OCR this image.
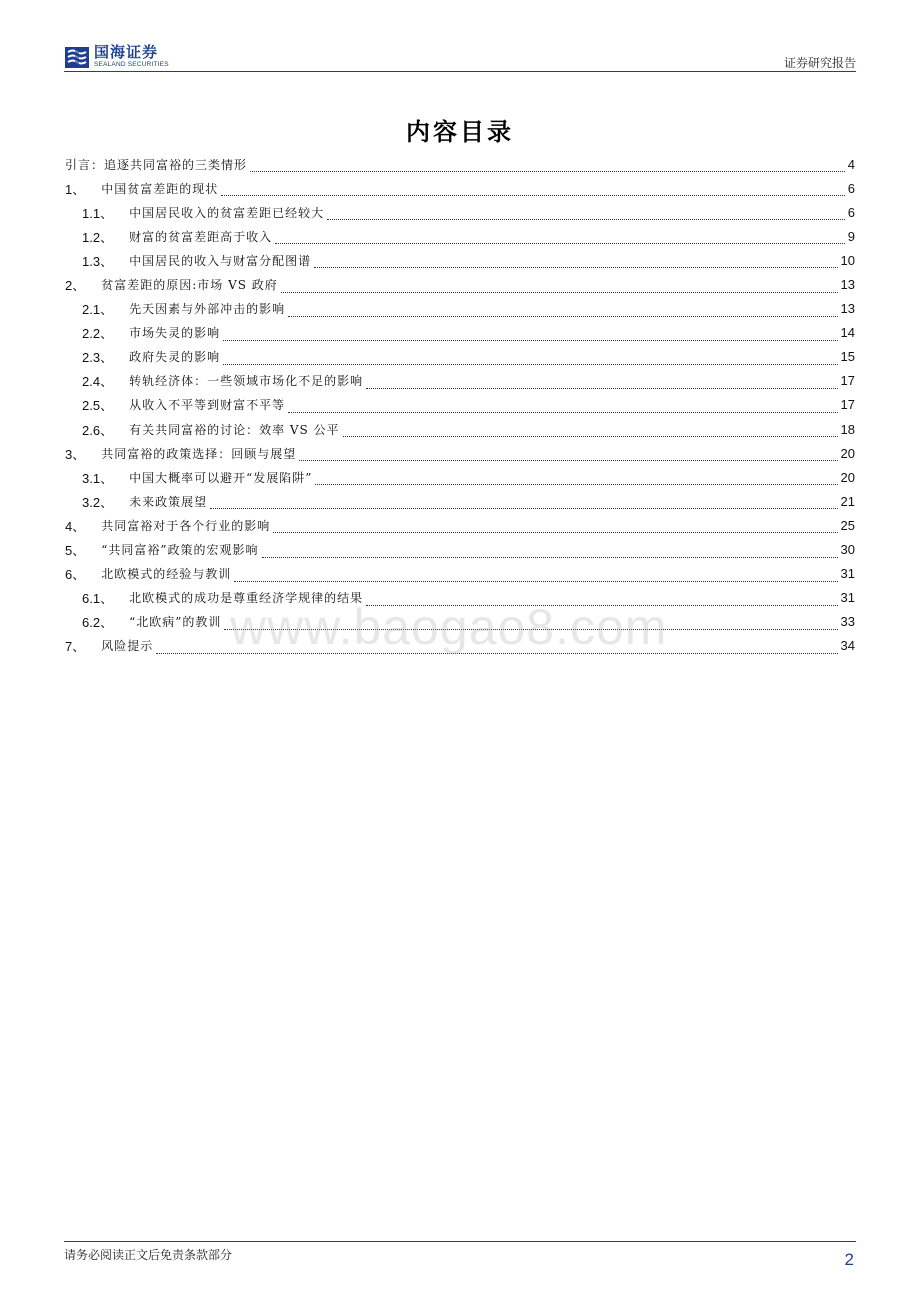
国海证券
SEALAND SECURITIES	证券研究报告
内容目录
引言：追逐共同富裕的三类情形	4
1、 中国贫富差距的现状	6
1.1、 中国居民收入的贫富差距已经较大	6
1.2、 财富的贫富差距高于收入	9
1.3、 中国居民的收入与财富分配图谱	10
2、 贫富差距的原因:市场 VS 政府	13
2.1、 先天因素与外部冲击的影响	13
2.2、 市场失灵的影响	14
2.3、 政府失灵的影响	15
2.4、 转轨经济体：一些领域市场化不足的影响	17
2.5、 从收入不平等到财富不平等	17
2.6、 有关共同富裕的讨论：效率 VS 公平	18
3、 共同富裕的政策选择：回顾与展望	20
3.1、 中国大概率可以避开“发展陷阱”	20
3.2、 未来政策展望	21
4、 共同富裕对于各个行业的影响	25
5、 “共同富裕”政策的宏观影响	30
6、 北欧模式的经验与教训	31
6.1、 北欧模式的成功是尊重经济学规律的结果	31
6.2、 “北欧病”的教训	33
7、 风险提示	34
www.baogao8.com
请务必阅读正文后免责条款部分	2
